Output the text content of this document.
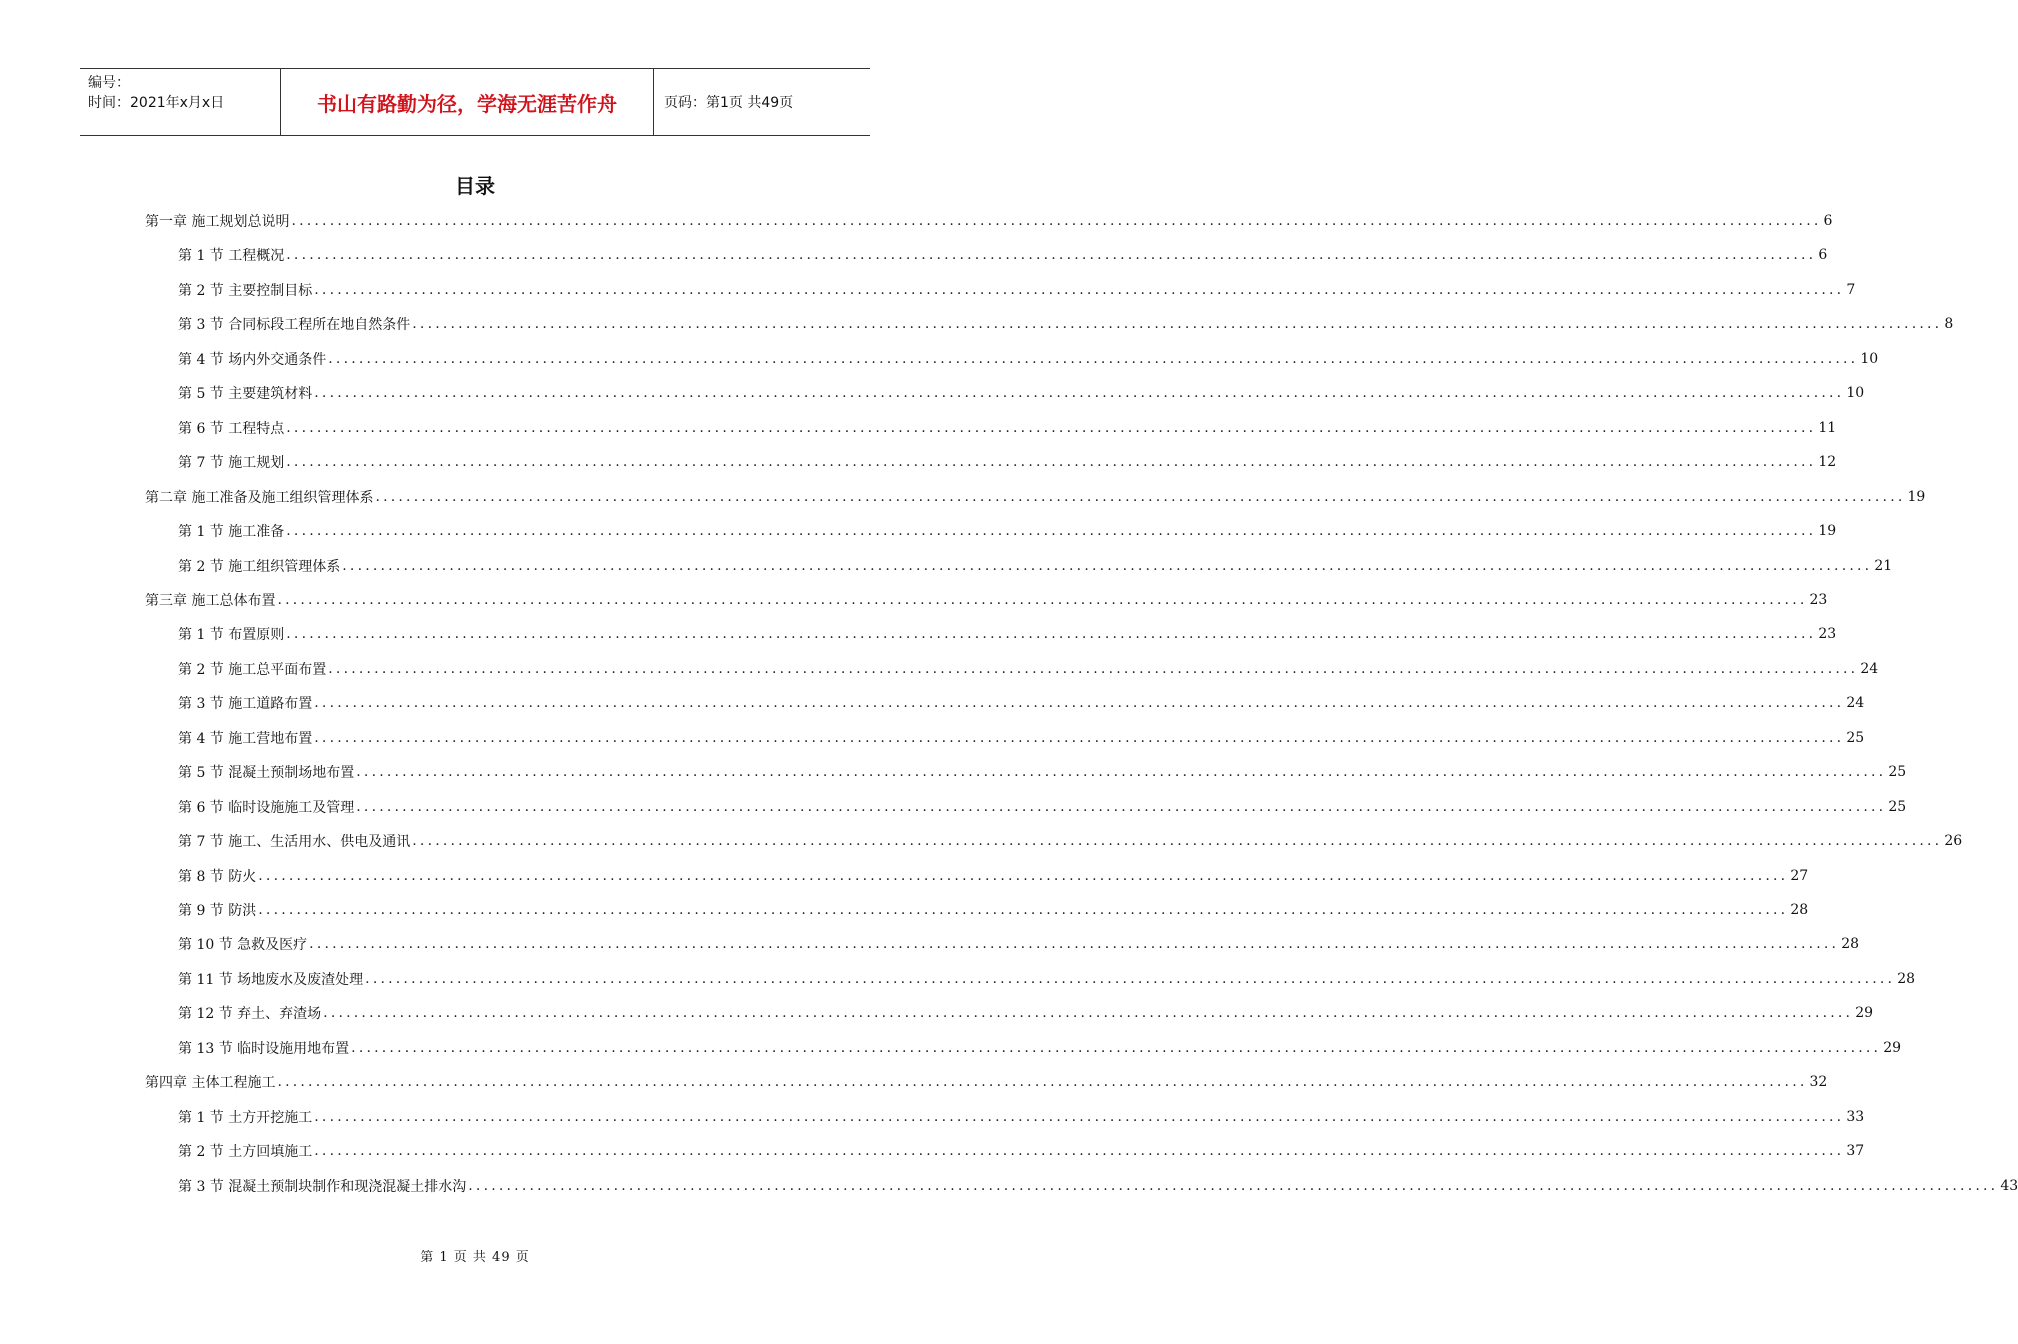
编号：
时间：2021年x月x日	书山有路勤为径，学海无涯苦作舟	页码：第1页 共49页
目录
第一章 施工规划总说明 ........................................................................................................................................................................................................ 6
第 1 节 工程概况 ........................................................................................................................................................................................................ 6
第 2 节 主要控制目标 ........................................................................................................................................................................................................ 7
第 3 节 合同标段工程所在地自然条件 ........................................................................................................................................................................................................ 8
第 4 节 场内外交通条件 ........................................................................................................................................................................................................ 10
第 5 节 主要建筑材料 ........................................................................................................................................................................................................ 10
第 6 节 工程特点 ........................................................................................................................................................................................................ 11
第 7 节 施工规划 ........................................................................................................................................................................................................ 12
第二章 施工准备及施工组织管理体系 ........................................................................................................................................................................................................ 19
第 1 节 施工准备 ........................................................................................................................................................................................................ 19
第 2 节 施工组织管理体系 ........................................................................................................................................................................................................ 21
第三章 施工总体布置 ........................................................................................................................................................................................................ 23
第 1 节 布置原则 ........................................................................................................................................................................................................ 23
第 2 节 施工总平面布置 ........................................................................................................................................................................................................ 24
第 3 节 施工道路布置 ........................................................................................................................................................................................................ 24
第 4 节 施工营地布置 ........................................................................................................................................................................................................ 25
第 5 节 混凝土预制场地布置 ........................................................................................................................................................................................................ 25
第 6 节 临时设施施工及管理 ........................................................................................................................................................................................................ 25
第 7 节 施工、生活用水、供电及通讯 ........................................................................................................................................................................................................ 26
第 8 节 防火 ........................................................................................................................................................................................................ 27
第 9 节 防洪 ........................................................................................................................................................................................................ 28
第 10 节 急救及医疗 ........................................................................................................................................................................................................ 28
第 11 节 场地废水及废渣处理 ........................................................................................................................................................................................................ 28
第 12 节 弃土、弃渣场 ........................................................................................................................................................................................................ 29
第 13 节 临时设施用地布置 ........................................................................................................................................................................................................ 29
第四章 主体工程施工 ........................................................................................................................................................................................................ 32
第 1 节 土方开挖施工 ........................................................................................................................................................................................................ 33
第 2 节 土方回填施工 ........................................................................................................................................................................................................ 37
第 3 节 混凝土预制块制作和现浇混凝土排水沟 ........................................................................................................................................................................................................ 43
第 1 页 共 49 页
